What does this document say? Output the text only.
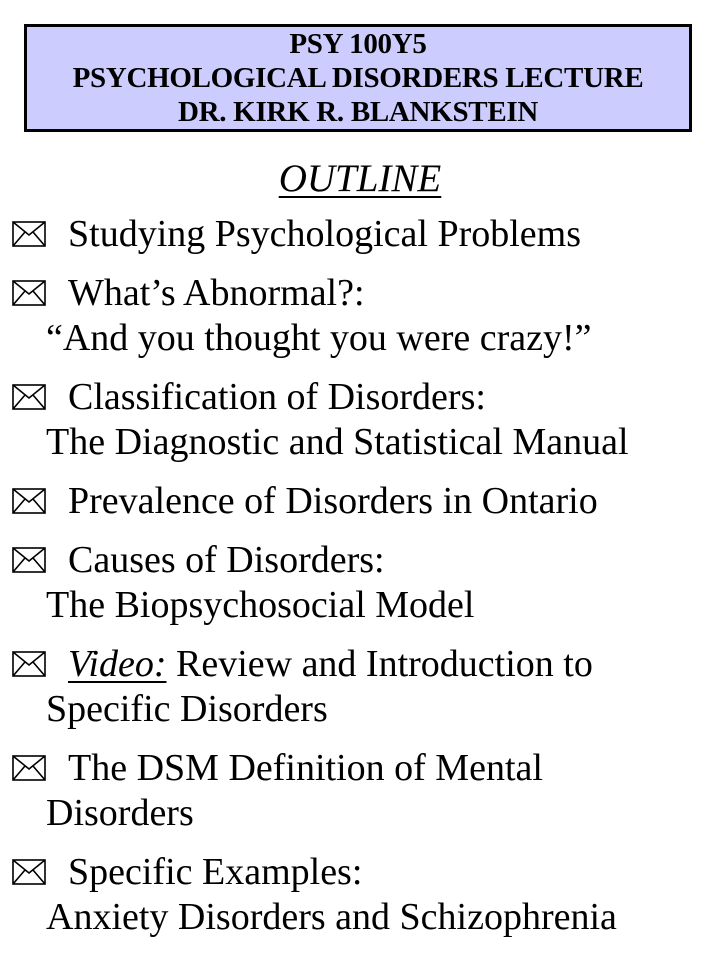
PSY 100Y5
PSYCHOLOGICAL DISORDERS LECTURE
DR. KIRK R. BLANKSTEIN
OUTLINE
Studying Psychological Problems
What’s Abnormal?:
“And you thought you were crazy!”
Classification of Disorders:
The Diagnostic and Statistical Manual
Prevalence of Disorders in Ontario
Causes of Disorders:
The Biopsychosocial Model
Video: Review and Introduction to
Specific Disorders
The DSM Definition of Mental
Disorders
Specific Examples:
Anxiety Disorders and Schizophrenia
